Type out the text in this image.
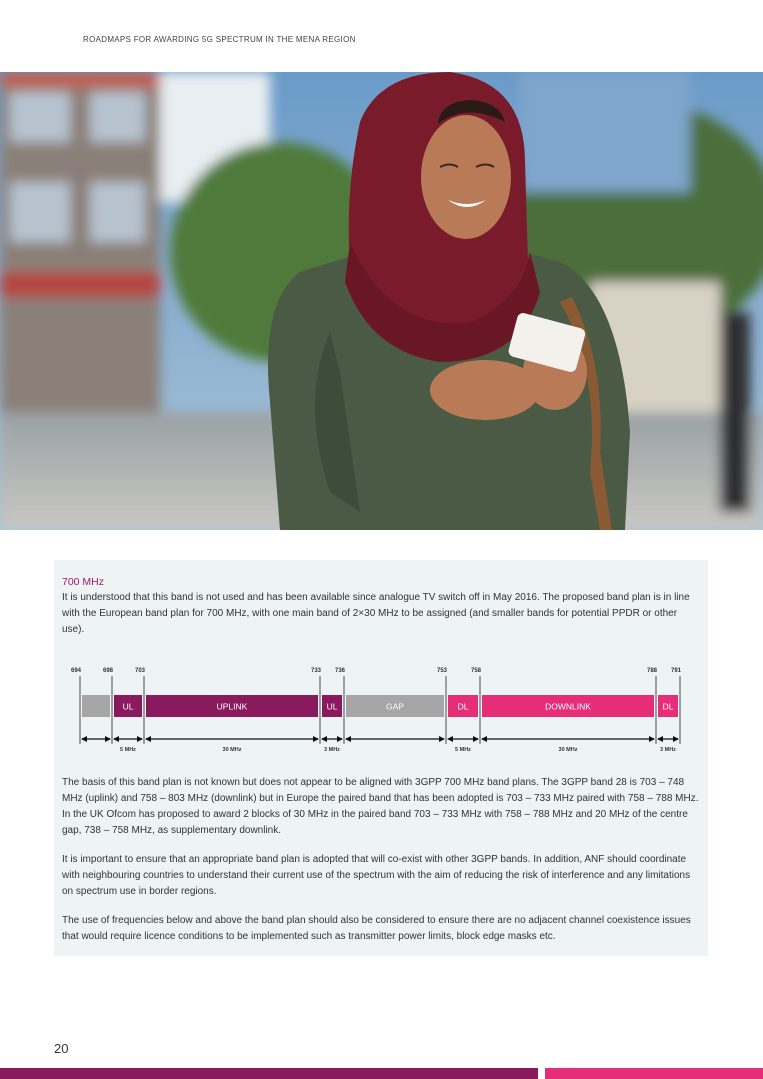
ROADMAPS FOR AWARDING 5G SPECTRUM IN THE MENA REGION
700 MHz

It is understood that this band is not used and has been available since analogue TV switch off in May 2016. The proposed band plan is in line with the European band plan for 700 MHz, with one main band of 2×30 MHz to be assigned (and smaller bands for potential PPDR or other use).

694	698	703	733 736	753	758	788 791
UL	UPLINK	UL	GAP	DL	DOWNLINK	DL
5 MHz	30 MHz	3 MHz	5 MHz	30 MHz	3 MHz

The basis of this band plan is not known but does not appear to be aligned with 3GPP 700 MHz band plans. The 3GPP band 28 is 703 – 748 MHz (uplink) and 758 – 803 MHz (downlink) but in Europe the paired band that has been adopted is 703 – 733 MHz paired with 758 – 788 MHz. In the UK Ofcom has proposed to award 2 blocks of 30 MHz in the paired band 703 – 733 MHz with 758 – 788 MHz and 20 MHz of the centre gap, 738 – 758 MHz, as supplementary downlink.

It is important to ensure that an appropriate band plan is adopted that will co-exist with other 3GPP bands. In addition, ANF should coordinate with neighbouring countries to understand their current use of the spectrum with the aim of reducing the risk of interference and any limitations on spectrum use in border regions.

The use of frequencies below and above the band plan should also be considered to ensure there are no adjacent channel coexistence issues that would require licence conditions to be implemented such as transmitter power limits, block edge masks etc.

20
